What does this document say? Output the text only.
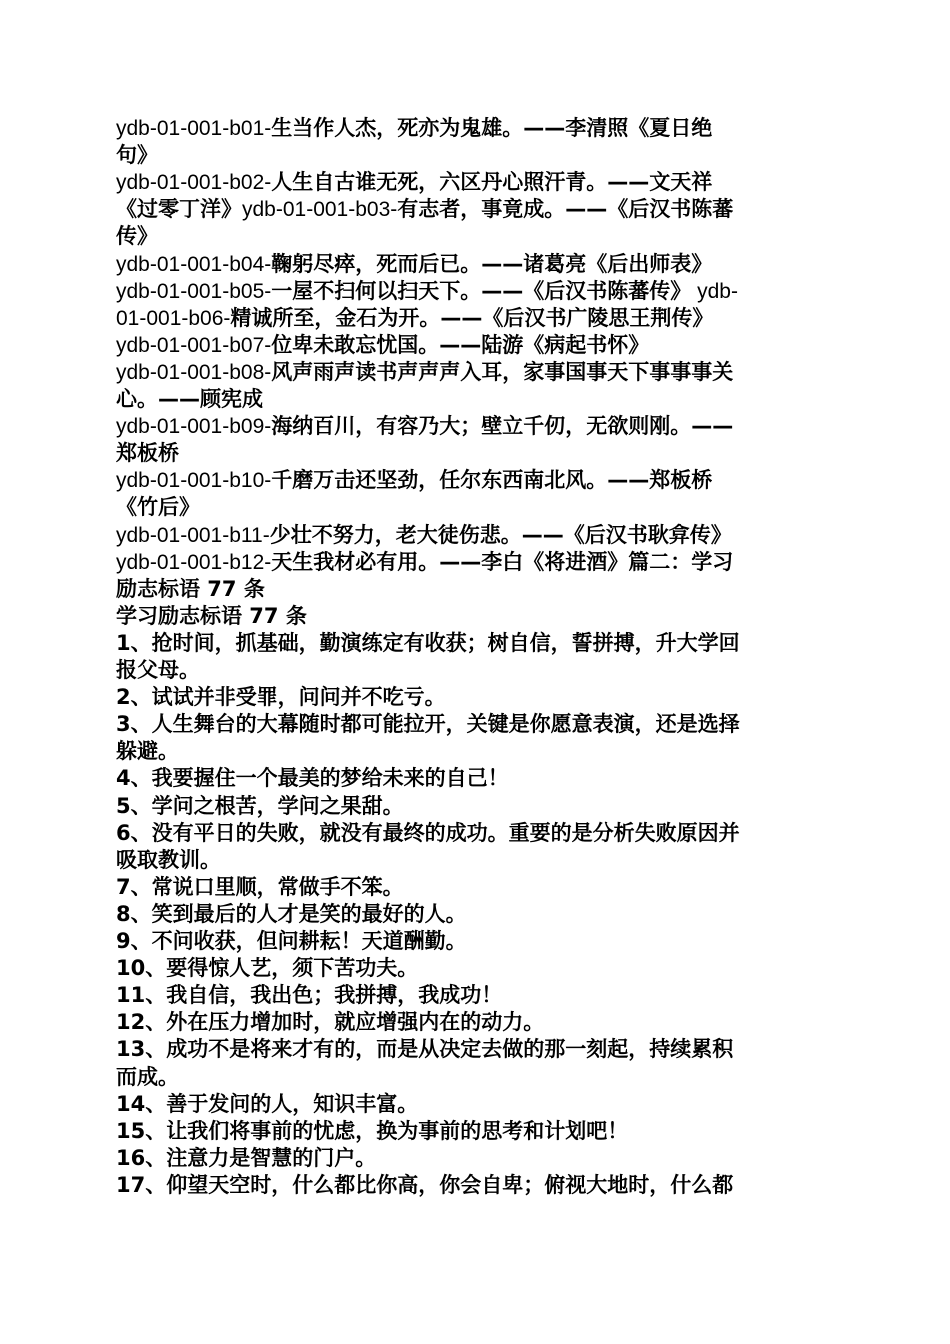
ydb-01-001-b01-生当作人杰，死亦为鬼雄。——李清照《夏日绝
句》
ydb-01-001-b02-人生自古谁无死，六区丹心照汗青。——文天祥
《过零丁洋》ydb-01-001-b03-有志者，事竟成。——《后汉书陈蕃
传》
ydb-01-001-b04-鞠躬尽瘁，死而后已。——诸葛亮《后出师表》
ydb-01-001-b05-一屋不扫何以扫天下。——《后汉书陈蕃传》 ydb-
01-001-b06-精诚所至，金石为开。——《后汉书广陵思王荆传》
ydb-01-001-b07-位卑未敢忘忧国。——陆游《病起书怀》
ydb-01-001-b08-风声雨声读书声声声入耳，家事国事天下事事事关
心。——顾宪成
ydb-01-001-b09-海纳百川，有容乃大；壁立千仞，无欲则刚。——
郑板桥
ydb-01-001-b10-千磨万击还坚劲，任尔东西南北风。——郑板桥
《竹后》
ydb-01-001-b11-少壮不努力，老大徒伤悲。——《后汉书耿弇传》
ydb-01-001-b12-天生我材必有用。——李白《将进酒》篇二：学习
励志标语 77 条
学习励志标语 77 条
1、抢时间，抓基础，勤演练定有收获；树自信，誓拼搏，升大学回
报父母。
2、试试并非受罪，问问并不吃亏。
3、人生舞台的大幕随时都可能拉开，关键是你愿意表演，还是选择
躲避。
4、我要握住一个最美的梦给未来的自己！
5、学问之根苦，学问之果甜。
6、没有平日的失败，就没有最终的成功。重要的是分析失败原因并
吸取教训。
7、常说口里顺，常做手不笨。
8、笑到最后的人才是笑的最好的人。
9、不问收获，但问耕耘！天道酬勤。
10、要得惊人艺，须下苦功夫。
11、我自信，我出色；我拼搏，我成功！
12、外在压力增加时，就应增强内在的动力。
13、成功不是将来才有的，而是从决定去做的那一刻起，持续累积
而成。
14、善于发问的人，知识丰富。
15、让我们将事前的忧虑，换为事前的思考和计划吧！
16、注意力是智慧的门户。
17、仰望天空时，什么都比你高，你会自卑；俯视大地时，什么都
